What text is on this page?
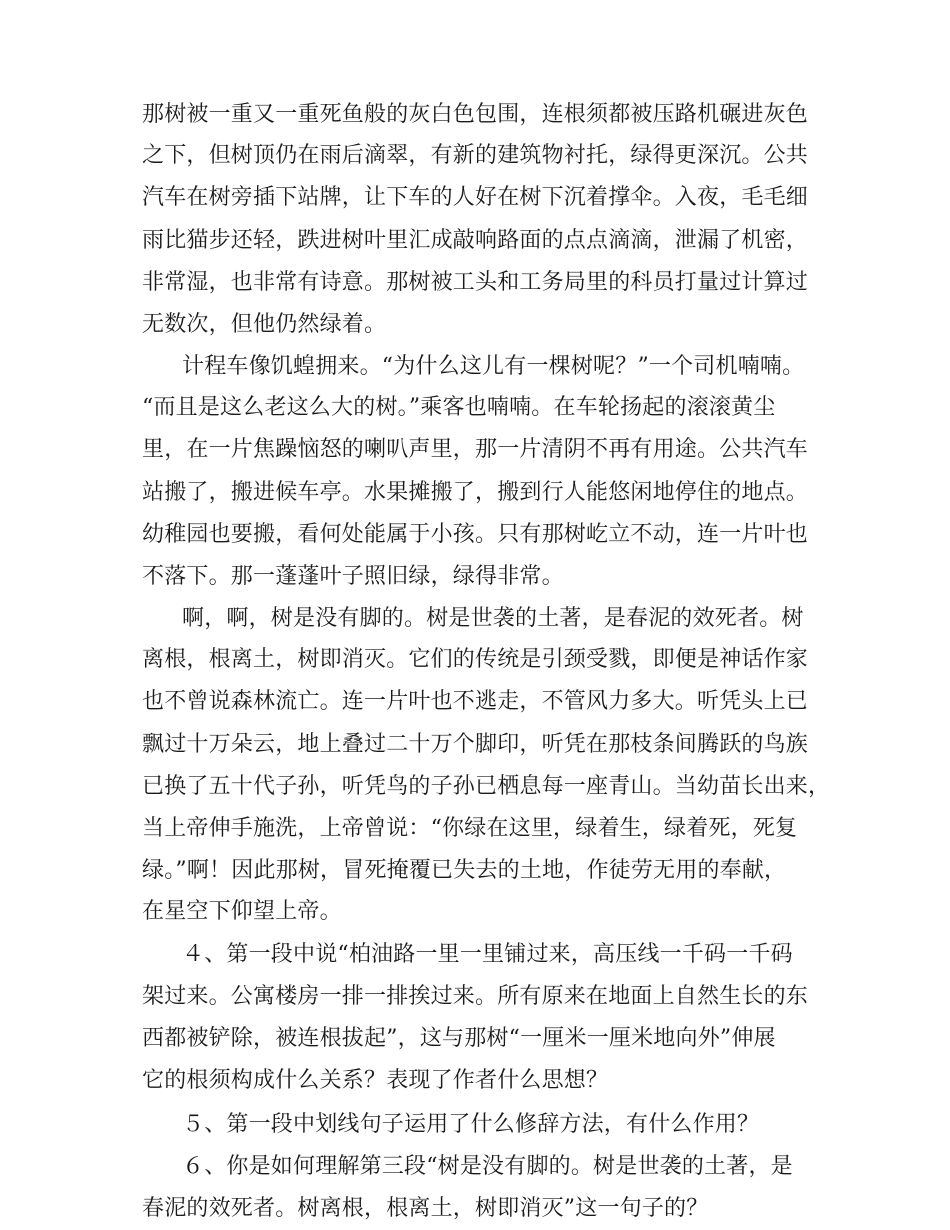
那树被一重又一重死鱼般的灰白色包围，连根须都被压路机碾进灰色
之下，但树顶仍在雨后滴翠，有新的建筑物衬托，绿得更深沉。公共
汽车在树旁插下站牌，让下车的人好在树下沉着撑伞。入夜，毛毛细
雨比猫步还轻，跌进树叶里汇成敲响路面的点点滴滴，泄漏了机密，
非常湿，也非常有诗意。那树被工头和工务局里的科员打量过计算过
无数次，但他仍然绿着。
计程车像饥蝗拥来。“为什么这儿有一棵树呢？”一个司机喃喃。
“而且是这么老这么大的树。”乘客也喃喃。在车轮扬起的滚滚黄尘
里，在一片焦躁恼怒的喇叭声里，那一片清阴不再有用途。公共汽车
站搬了，搬进候车亭。水果摊搬了，搬到行人能悠闲地停住的地点。
幼稚园也要搬，看何处能属于小孩。只有那树屹立不动，连一片叶也
不落下。那一蓬蓬叶子照旧绿，绿得非常。
啊，啊，树是没有脚的。树是世袭的土著，是春泥的效死者。树
离根，根离土，树即消灭。它们的传统是引颈受戮，即便是神话作家
也不曾说森林流亡。连一片叶也不逃走，不管风力多大。听凭头上已
飘过十万朵云，地上叠过二十万个脚印，听凭在那枝条间腾跃的鸟族
已换了五十代子孙，听凭鸟的子孙已栖息每一座青山。当幼苗长出来，
当上帝伸手施洗，上帝曾说：“你绿在这里，绿着生，绿着死，死复
绿。”啊！因此那树，冒死掩覆已失去的土地，作徒劳无用的奉献，
在星空下仰望上帝。
４、第一段中说“柏油路一里一里铺过来，高压线一千码一千码
架过来。公寓楼房一排一排挨过来。所有原来在地面上自然生长的东
西都被铲除，被连根拔起”，这与那树“一厘米一厘米地向外”伸展
它的根须构成什么关系？表现了作者什么思想？
５、第一段中划线句子运用了什么修辞方法，有什么作用？
６、你是如何理解第三段“树是没有脚的。树是世袭的土著，是
春泥的效死者。树离根，根离土，树即消灭”这一句子的？
